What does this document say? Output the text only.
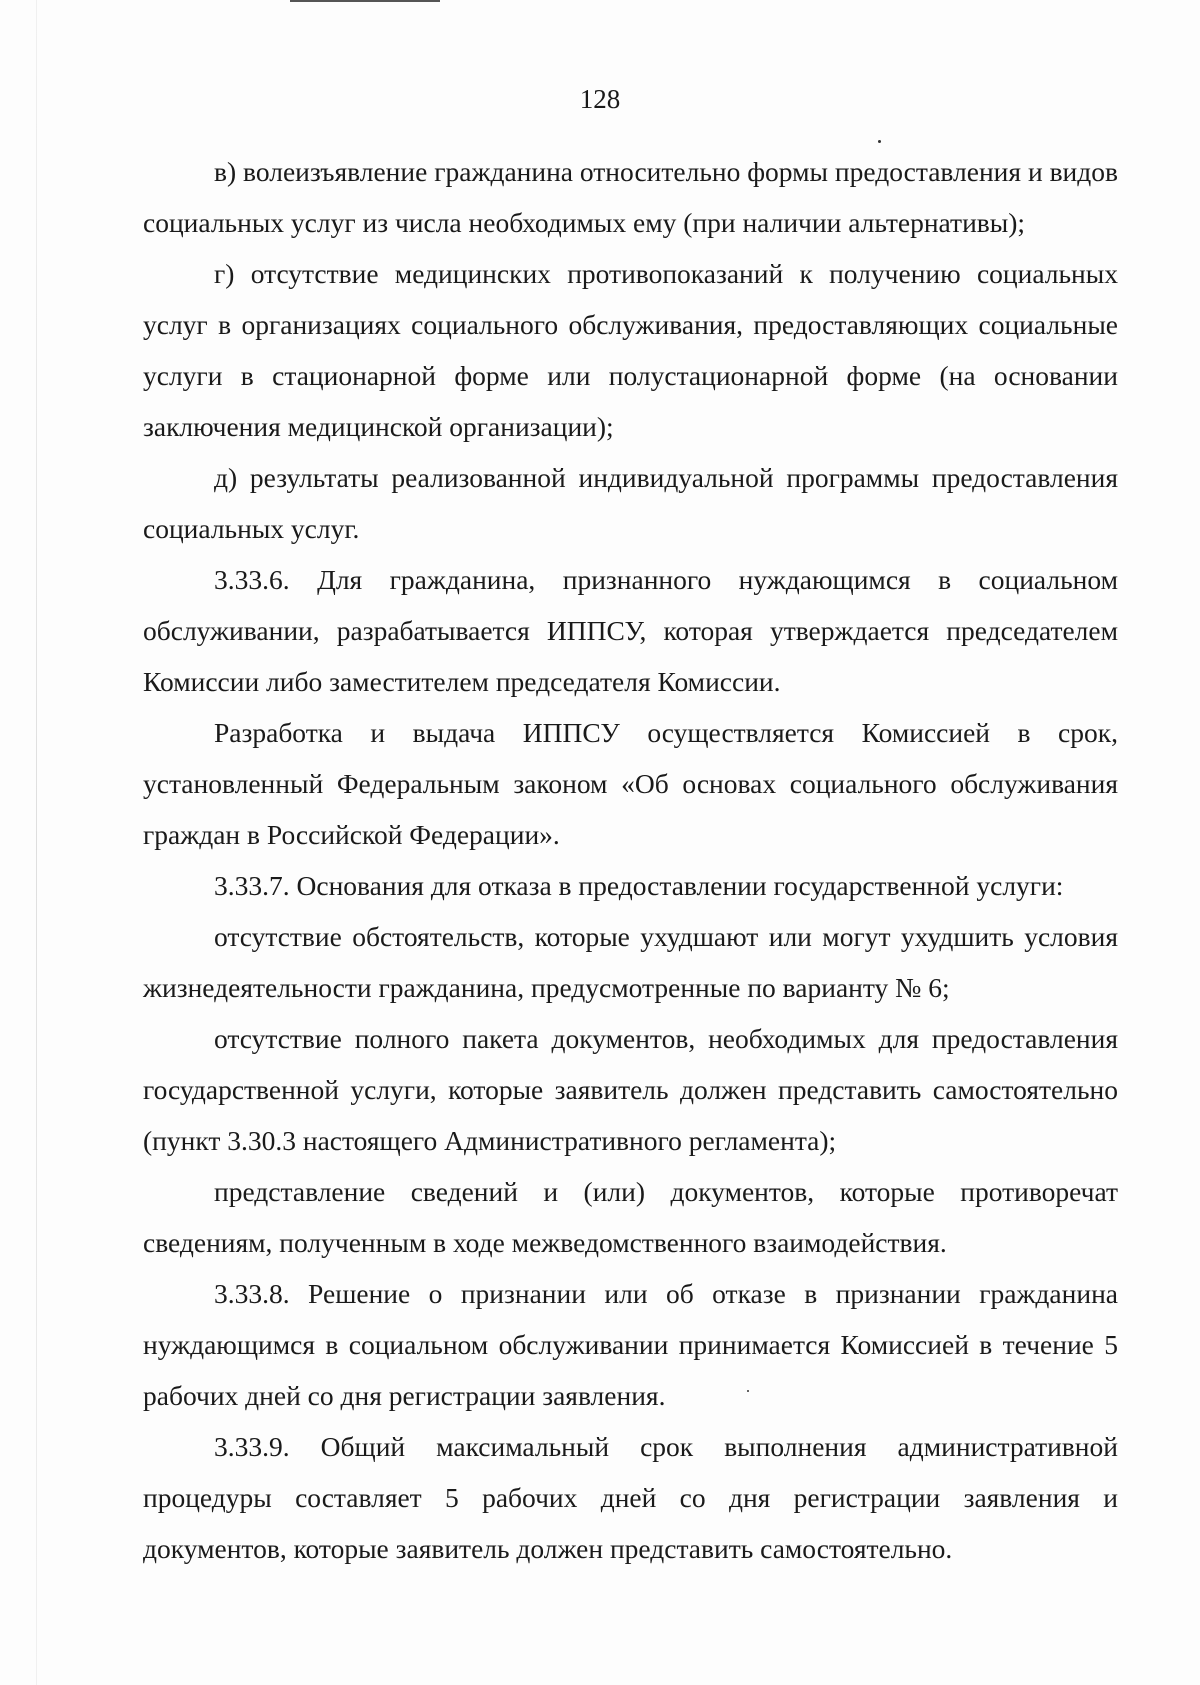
128

в) волеизъявление гражданина относительно формы предоставления и видов социальных услуг из числа необходимых ему (при наличии альтернативы);

г) отсутствие медицинских противопоказаний к получению социальных услуг в организациях социального обслуживания, предоставляющих социальные услуги в стационарной форме или полустационарной форме (на основании заключения медицинской организации);

д) результаты реализованной индивидуальной программы предоставления социальных услуг.

3.33.6. Для гражданина, признанного нуждающимся в социальном обслуживании, разрабатывается ИППСУ, которая утверждается председателем Комиссии либо заместителем председателя Комиссии.

Разработка и выдача ИППСУ осуществляется Комиссией в срок, установленный Федеральным законом «Об основах социального обслуживания граждан в Российской Федерации».

3.33.7. Основания для отказа в предоставлении государственной услуги:

отсутствие обстоятельств, которые ухудшают или могут ухудшить условия жизнедеятельности гражданина, предусмотренные по варианту № 6;

отсутствие полного пакета документов, необходимых для предоставления государственной услуги, которые заявитель должен представить самостоятельно (пункт 3.30.3 настоящего Административного регламента);

представление сведений и (или) документов, которые противоречат сведениям, полученным в ходе межведомственного взаимодействия.

3.33.8. Решение о признании или об отказе в признании гражданина нуждающимся в социальном обслуживании принимается Комиссией в течение 5 рабочих дней со дня регистрации заявления.

3.33.9. Общий максимальный срок выполнения административной процедуры составляет 5 рабочих дней со дня регистрации заявления и документов, которые заявитель должен представить самостоятельно.
